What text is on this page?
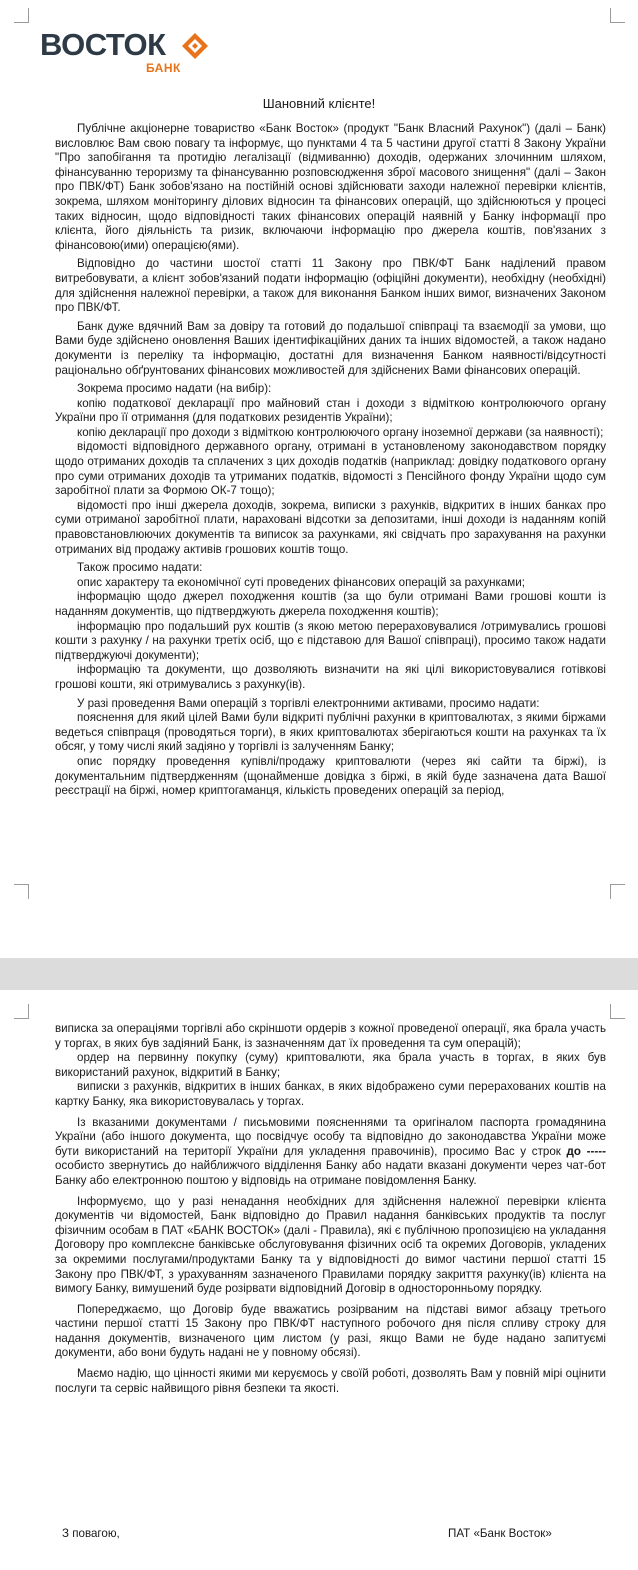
ВОСТОК
БАНК
Шановний клієнте!

Публічне акціонерне товариство «Банк Восток» (продукт "Банк Власний Рахунок") (далі – Банк) висловлює Вам свою повагу та інформує, що пунктами 4 та 5 частини другої статті 8 Закону України "Про запобігання та протидію легалізації (відмиванню) доходів, одержаних злочинним шляхом, фінансуванню тероризму та фінансуванню розповсюдження зброї масового знищення" (далі – Закон про ПВК/ФТ) Банк зобов'язано на постійній основі здійснювати заходи належної перевірки клієнтів, зокрема, шляхом моніторингу ділових відносин та фінансових операцій, що здійснюються у процесі таких відносин, щодо відповідності таких фінансових операцій наявній у Банку інформації про клієнта, його діяльність та ризик, включаючи інформацію про джерела коштів, пов'язаних з фінансовою(ими) операцією(ями).

Відповідно до частини шостої статті 11 Закону про ПВК/ФТ Банк наділений правом витребовувати, а клієнт зобов'язаний подати інформацію (офіційні документи), необхідну (необхідні) для здійснення належної перевірки, а також для виконання Банком інших вимог, визначених Законом про ПВК/ФТ.

Банк дуже вдячний Вам за довіру та готовий до подальшої співпраці та взаємодії за умови, що Вами буде здійснено оновлення Ваших ідентифікаційних даних та інших відомостей, а також надано документи із переліку та інформацію, достатні для визначення Банком наявності/відсутності раціонально обґрунтованих фінансових можливостей для здійснених Вами фінансових операцій.

Зокрема просимо надати (на вибір):

копію податкової декларації про майновий стан і доходи з відміткою контролюючого органу України про її отримання (для податкових резидентів України);

копію декларації про доходи з відміткою контролюючого органу іноземної держави (за наявності);

відомості відповідного державного органу, отримані в установленому законодавством порядку щодо отриманих доходів та сплачених з цих доходів податків (наприклад: довідку податкового органу про суми отриманих доходів та утриманих податків, відомості з Пенсійного фонду України щодо сум заробітної плати за Формою ОК-7 тощо);

відомості про інші джерела доходів, зокрема, виписки з рахунків, відкритих в інших банках про суми отриманої заробітної плати, нараховані відсотки за депозитами, інші доходи із наданням копій правовстановлюючих документів та виписок за рахунками, які свідчать про зарахування на рахунки отриманих від продажу активів грошових коштів тощо.

Також просимо надати:

опис характеру та економічної суті проведених фінансових операцій за рахунками;

інформацію щодо джерел походження коштів (за що були отримані Вами грошові кошти із наданням документів, що підтверджують джерела походження коштів);

інформацію про подальший рух коштів (з якою метою перераховувалися /отримувались грошові кошти з рахунку / на рахунки третіх осіб, що є підставою для Вашої співпраці), просимо також надати підтверджуючі документи);

інформацію та документи, що дозволяють визначити на які цілі використовувалися готівкові грошові кошти, які отримувались з рахунку(ів).

У разі проведення Вами операцій з торгівлі електронними активами, просимо надати:

пояснення для який цілей Вами були відкриті публічні рахунки в криптовалютах, з якими біржами ведеться співпраця (проводяться торги), в яких криптовалютах зберігаються кошти на рахунках та їх обсяг, у тому числі який задіяно у торгівлі із залученням Банку;

опис порядку проведення купівлі/продажу криптовалюти (через які сайти та біржі), із документальним підтвердженням (щонайменше довідка з біржі, в якій буде зазначена дата Вашої реєстрації на біржі, номер криптогаманця, кількість проведених операцій за період,

виписка за операціями торгівлі або скріншоти ордерів з кожної проведеної операції, яка брала участь у торгах, в яких був задіяний Банк, із зазначенням дат їх проведення та сум операцій);

ордер на первинну покупку (суму) криптовалюти, яка брала участь в торгах, в яких був використаний рахунок, відкритий в Банку;

виписки з рахунків, відкритих в інших банках, в яких відображено суми перерахованих коштів на картку Банку, яка використовувалась у торгах.

Із вказаними документами / письмовими поясненнями та оригіналом паспорта громадянина України (або іншого документа, що посвідчує особу та відповідно до законодавства України може бути використаний на території України для укладення правочинів), просимо Вас у строк до ----- особисто звернутись до найближчого відділення Банку або надати вказані документи через чат-бот Банку або електронною поштою у відповідь на отримане повідомлення Банку.

Інформуємо, що у разі ненадання необхідних для здійснення належної перевірки клієнта документів чи відомостей, Банк відповідно до Правил надання банківських продуктів та послуг фізичним особам в ПАТ «БАНК ВОСТОК» (далі - Правила), які є публічною пропозицією на укладання Договору про комплексне банківське обслуговування фізичних осіб та окремих Договорів, укладених за окремими послугами/продуктами Банку та у відповідності до вимог частини першої статті 15 Закону про ПВК/ФТ, з урахуванням зазначеного Правилами порядку закриття рахунку(ів) клієнта на вимогу Банку, вимушений буде розірвати відповідний Договір в односторонньому порядку.

Попереджаємо, що Договір буде вважатись розірваним на підставі вимог абзацу третього частини першої статті 15 Закону про ПВК/ФТ наступного робочого дня після спливу строку для надання документів, визначеного цим листом (у разі, якщо Вами не буде надано запитуємі документи, або вони будуть надані не у повному обсязі).

Маємо надію, що цінності якими ми керуємось у своїй роботі, дозволять Вам у повній мірі оцінити послуги та сервіс найвищого рівня безпеки та якості.

З повагою,	ПАТ «Банк Восток»
